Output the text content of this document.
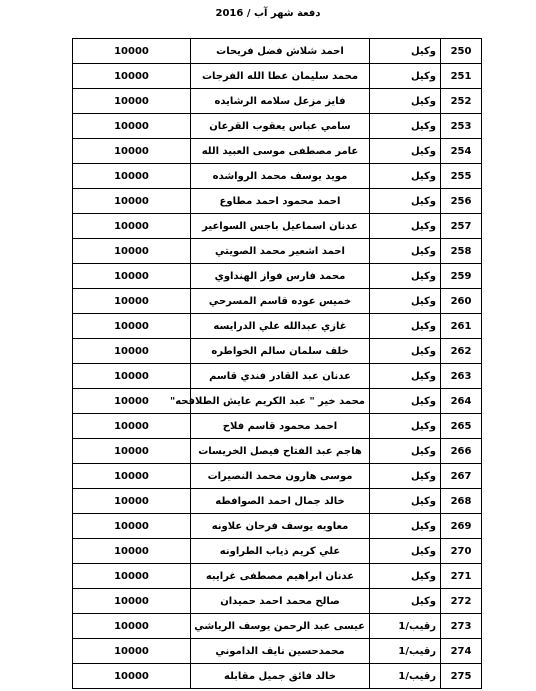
دفعة شهر آب / 2016
250	وكيل	احمد شلاش فضل فريحات	10000
251	وكيل	محمد سليمان عطا الله الفرجات	10000
252	وكيل	فايز مزعل سلامه الرشايده	10000
253	وكيل	سامي عباس يعقوب القرعان	10000
254	وكيل	عامر مصطفى موسى العبيد الله	10000
255	وكيل	مويد يوسف محمد الرواشده	10000
256	وكيل	احمد محمود احمد مطاوع	10000
257	وكيل	عدنان اسماعيل باجس السواعير	10000
258	وكيل	احمد اشعير محمد الصويتي	10000
259	وكيل	محمد فارس فواز الهنداوي	10000
260	وكيل	خميس عوده قاسم المسرحي	10000
261	وكيل	غازي عبدالله علي الدرايسه	10000
262	وكيل	خلف سلمان سالم الخواطره	10000
263	وكيل	عدنان عبد القادر فندي قاسم	10000
264	وكيل	محمد خير " عبد الكريم عايش الطلافحه"	10000
265	وكيل	احمد محمود قاسم فلاح	10000
266	وكيل	هاجم عبد الفتاح فيصل الخريسات	10000
267	وكيل	موسى هارون محمد النصيرات	10000
268	وكيل	خالد جمال احمد الصوافطه	10000
269	وكيل	معاويه يوسف فرحان علاونه	10000
270	وكيل	علي كريم ذياب الطراونه	10000
271	وكيل	عدنان ابراهيم مصطفى غرايبه	10000
272	وكيل	صالح محمد احمد حميدان	10000
273	رقيب/1	عيسى عبد الرحمن يوسف الرياشي	10000
274	رقيب/1	محمدحسين نايف الداموني	10000
275	رقيب/1	خالد فائق جميل مقابله	10000
